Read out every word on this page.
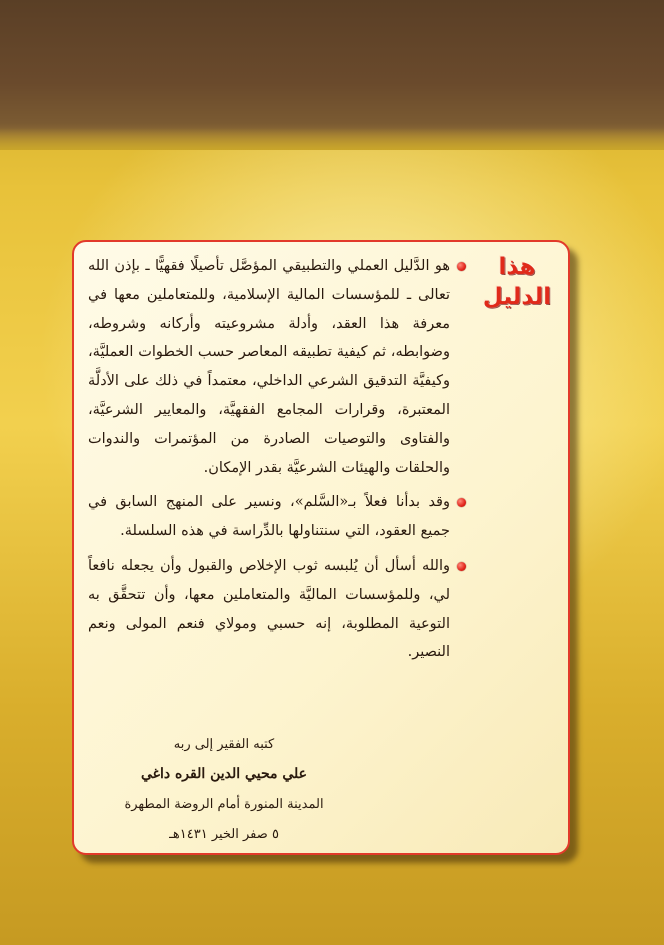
هذا
الدليل

هو الدَّليل العملي والتطبيقي المؤصَّل تأصيلًا فقهيًّا ـ بإذن الله تعالى ـ للمؤسسات المالية الإسلامية، وللمتعاملين معها في معرفة هذا العقد، وأدلة مشروعيته وأركانه وشروطه، وضوابطه، ثم كيفية تطبيقه المعاصر حسب الخطوات العمليَّة، وكيفيَّة التدقيق الشرعي الداخلي، معتمداً في ذلك على الأدلَّة المعتبرة، وقرارات المجامع الفقهيَّة، والمعايير الشرعيَّة، والفتاوى والتوصيات الصادرة من المؤتمرات والندوات والحلقات والهيئات الشرعيَّة بقدر الإمكان.

وقد بدأنا فعلاً بـ«السَّلم»، ونسير على المنهج السابق في جميع العقود، التي سنتناولها بالدِّراسة في هذه السلسلة.

والله أسأل أن يُلبسه ثوب الإخلاص والقبول وأن يجعله نافعاً لي، وللمؤسسات الماليَّة والمتعاملين معها، وأن تتحقَّق به التوعية المطلوبة، إنه حسبي ومولاي فنعم المولى ونعم النصير.

كتبه الفقير إلى ربه
علي محيي الدين القره داغي
المدينة المنورة أمام الروضة المطهرة
٥ صفر الخير ١٤٣١هـ
